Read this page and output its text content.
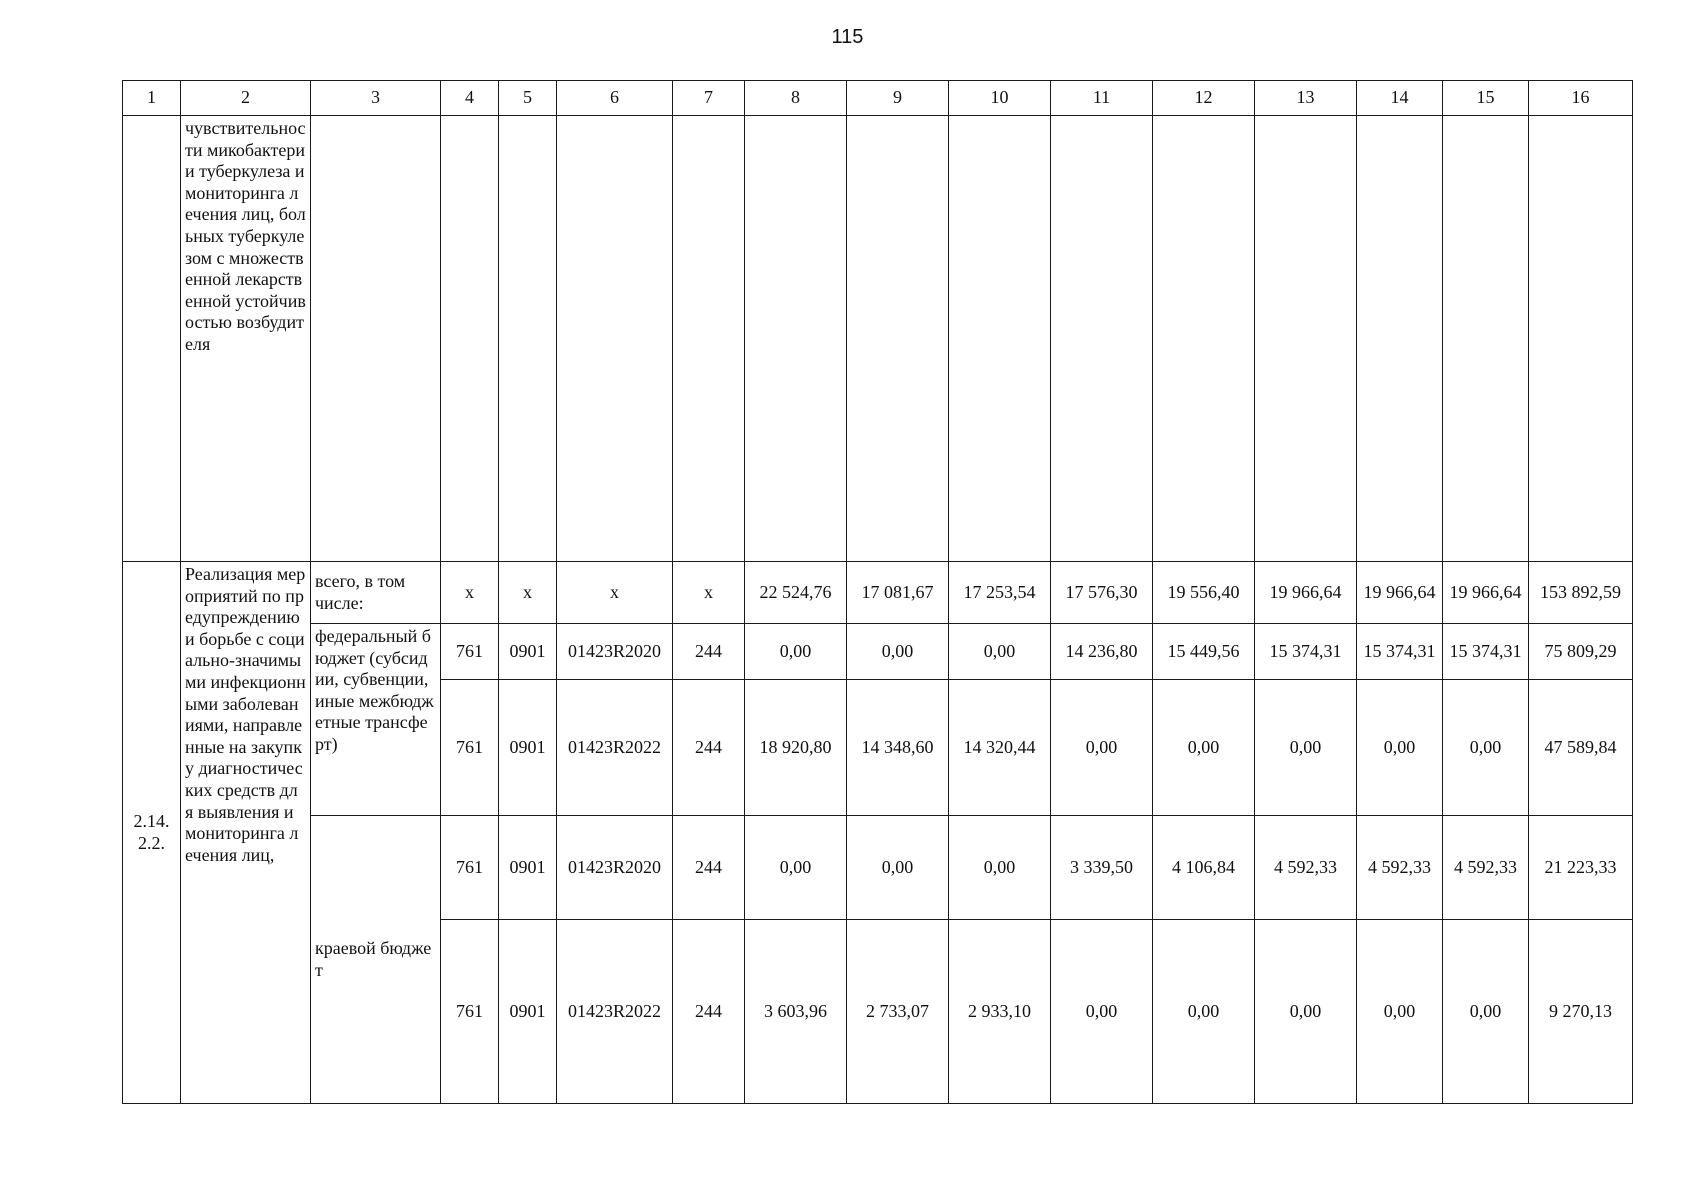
115
1	2	3	4	5	6	7	8	9	10	11	12	13	14	15	16
	чувствительности микобактерии туберкулеза и мониторинга лечения лиц, больных туберкулезом с множественной лекарственной устойчивостью возбудителя														
2.14.2.2.	Реализация мероприятий по предупреждению и борьбе с социально-значимыми инфекционными заболеваниями, направленные на закупку диагностических средств для выявления и мониторинга лечения лиц,	всего, в том числе:	х	х	х	х	22 524,76	17 081,67	17 253,54	17 576,30	19 556,40	19 966,64	19 966,64	19 966,64	153 892,59
		федеральный бюджет (субсидии, субвенции, иные межбюджетные трансферт)	761	0901	01423R2020	244	0,00	0,00	0,00	14 236,80	15 449,56	15 374,31	15 374,31	15 374,31	75 809,29
			761	0901	01423R2022	244	18 920,80	14 348,60	14 320,44	0,00	0,00	0,00	0,00	0,00	47 589,84
		краевой бюджет	761	0901	01423R2020	244	0,00	0,00	0,00	3 339,50	4 106,84	4 592,33	4 592,33	4 592,33	21 223,33
			761	0901	01423R2022	244	3 603,96	2 733,07	2 933,10	0,00	0,00	0,00	0,00	0,00	9 270,13
